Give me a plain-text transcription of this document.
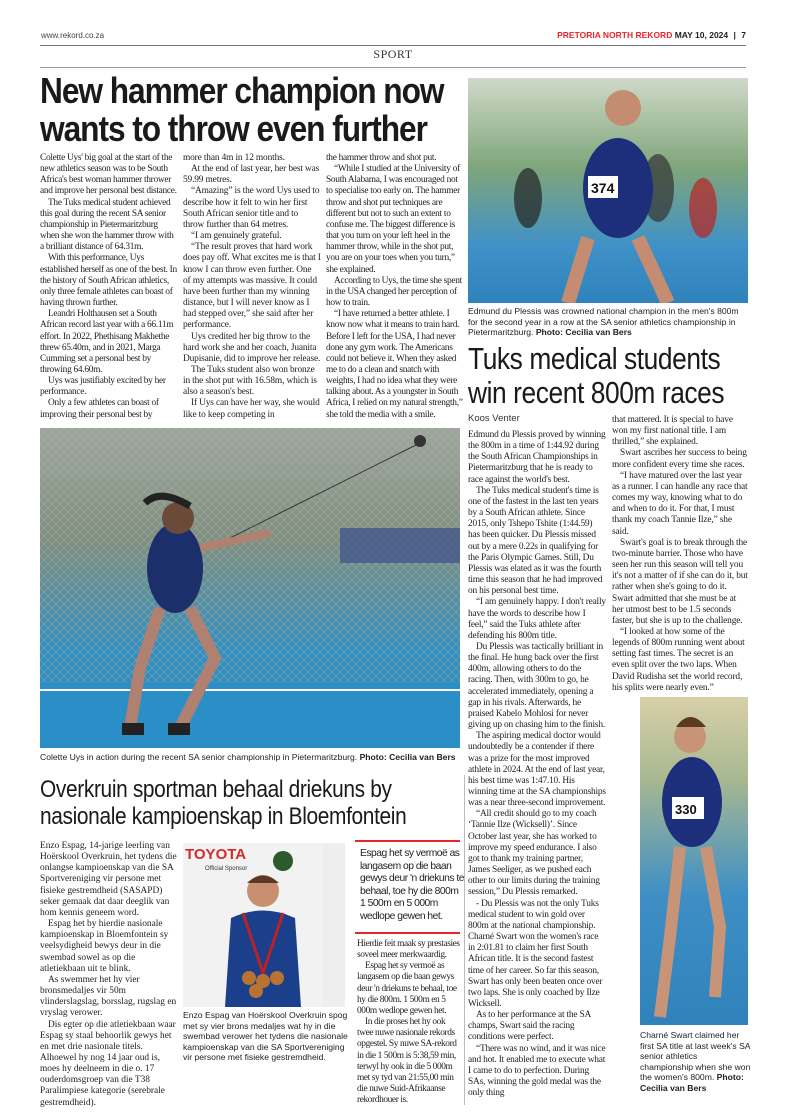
www.rekord.co.za	PRETORIA NORTH REKORD MAY 10, 2024 | 7
SPORT
New hammer champion now wants to throw even further

Colette Uys' big goal at the start of the new athletics season was to be South Africa's best woman hammer thrower and improve her personal best distance.

The Tuks medical student achieved this goal during the recent SA senior championship in Pietermaritzburg when she won the hammer throw with a brilliant distance of 64.31m.

With this performance, Uys established herself as one of the best. In the history of South African athletics, only three female athletes can boast of having thrown further.

Leandri Holthausen set a South African record last year with a 66.11m effort. In 2022, Phethisang Makhethe threw 65.40m, and in 2021, Marga Cumming set a personal best by throwing 64.60m.

Uys was justifiably excited by her performance.

Only a few athletes can boast of improving their personal best by

more than 4m in 12 months.

At the end of last year, her best was 59.99 metres.

“Amazing” is the word Uys used to describe how it felt to win her first South African senior title and to throw further than 64 metres.

“I am genuinely grateful.

“The result proves that hard work does pay off. What excites me is that I know I can throw even further. One of my attempts was massive. It could have been further than my winning distance, but I will never know as I had stepped over,” she said after her performance.

Uys credited her big throw to the hard work she and her coach, Juanita Dupisanie, did to improve her release.

The Tuks student also won bronze in the shot put with 16.58m, which is also a season's best.

If Uys can have her way, she would like to keep competing in

the hammer throw and shot put.

“While I studied at the University of South Alabama, I was encouraged not to specialise too early on. The hammer throw and shot put techniques are different but not to such an extent to confuse me. The biggest difference is that you turn on your left heel in the hammer throw, while in the shot put, you are on your toes when you turn,” she explained.

According to Uys, the time she spent in the USA changed her perception of how to train.

“I have returned a better athlete. I know now what it means to train hard. Before I left for the USA, I had never done any gym work. The Americans could not believe it. When they asked me to do a clean and snatch with weights, I had no idea what they were talking about. As a youngster in South Africa, I relied on my natural strength,” she told the media with a smile.

Colette Uys in action during the recent SA senior championship in Pietermaritzburg. Photo: Cecilia van Bers
374
Edmund du Plessis was crowned national champion in the men's 800m for the second year in a row at the SA senior athletics championship in Pietermaritzburg. Photo: Cecilia van Bers
Tuks medical students win recent 800m races
Koos Venter

Edmund du Plessis proved by winning the 800m in a time of 1:44.92 during the South African Championships in Pietermaritzburg that he is ready to race against the world's best.

The Tuks medical student's time is one of the fastest in the last ten years by a South African athlete. Since 2015, only Tshepo Tshite (1:44.59) has been quicker. Du Plessis missed out by a mere 0.22s in qualifying for the Paris Olympic Games. Still, Du Plessis was elated as it was the fourth time this season that he had improved on his personal best time.

“I am genuinely happy. I don't really have the words to describe how I feel,” said the Tuks athlete after defending his 800m title.

Du Plessis was tactically brilliant in the final. He hung back over the first 400m, allowing others to do the racing. Then, with 300m to go, he accelerated immediately, opening a gap in his rivals. Afterwards, he praised Kabelo Mohlosi for never giving up on chasing him to the finish.

The aspiring medical doctor would undoubtedly be a contender if there was a prize for the most improved athlete in 2024. At the end of last year, his best time was 1:47.10. His winning time at the SA championships was a near three-second improvement.

“All credit should go to my coach ‘Tannie Ilze (Wicksell)’. Since October last year, she has worked to improve my speed endurance. I also got to thank my training partner, James Seeliger, as we pushed each other to our limits during the training session,” Du Plessis remarked.

- Du Plessis was not the only Tuks medical student to win gold over 800m at the national championship. Charné Swart won the women's race in 2:01.81 to claim her first South African title. It is the second fastest time of her career. So far this season, Swart has only been beaten once over two laps. She is only coached by Ilze Wicksell.

As to her performance at the SA champs, Swart said the racing conditions were perfect.

“There was no wind, and it was nice and hot. It enabled me to execute what I came to do to perfection. During SAs, winning the gold medal was the only thing

that mattered. It is special to have won my first national title. I am thrilled,” she explained.

Swart ascribes her success to being more confident every time she races.

“I have matured over the last year as a runner. I can handle any race that comes my way, knowing what to do and when to do it. For that, I must thank my coach Tannie Ilze,” she said.

Swart's goal is to break through the two-minute barrier. Those who have seen her run this season will tell you it's not a matter of if she can do it, but rather when she's going to do it. Swart admitted that she must be at her utmost best to be 1.5 seconds faster, but she is up to the challenge.

“I looked at how some of the legends of 800m running went about setting fast times. The secret is an even split over the two laps. When David Rudisha set the world record, his splits were nearly even.”

330
Charné Swart claimed her first SA title at last week's SA senior athletics championship when she won the women's 800m. Photo: Cecilia van Bers
Overkruin sportman behaal driekuns by nasionale kampioenskap in Bloemfontein

Enzo Espag, 14-jarige leerling van Hoërskool Overkruin, het tydens die onlangse kampioenskap van die SA Sportvereniging vir persone met fisieke gestremdheid (SASAPD) seker gemaak dat daar deeglik van hom kennis geneem word.

Espag het by hierdie nasionale kampioenskap in Bloemfontein sy veelsydigheid bewys deur in die swembad sowel as op die atletiekbaan uit te blink.

As swemmer het hy vier bronsmedaljes vir 50m vlinderslagslag, borsslag, rugslag en vryslag verower.

Dis egter op die atletiekbaan waar Espag sy staal behoorlik gewys het en met drie nasionale titels. Alhoewel hy nog 14 jaar oud is, moes hy deelneem in die o. 17 ouderdomsgroep van die T38 Paralimpiese kategorie (serebrale gestremdheid).

TOYOTA
Official Sponsor
Enzo Espag van Hoërskool Overkruin spog met sy vier brons medaljes wat hy in die swembad verower het tydens die nasionale kampioenskap van die SA Sportvereniging vir persone met fisieke gestremdheid.
Espag het sy vermoë as langasem op die baan gewys deur 'n driekuns te behaal, toe hy die 800m 1 500m en 5 000m wedlope gewen het.

Hierdie feit maak sy prestasies soveel meer merkwaardig.

Espag het sy vermoë as langasem op die baan gewys deur 'n driekuns te behaal, toe hy die 800m. 1 500m en 5 000m wedlope gewen het.

In die proses het hy ook twee nuwe nasionale rekords opgestel. Sy nuwe SA-rekord in die 1 500m is 5:38,59 min, terwyl hy ook in die 5 000m met sy tyd van 21:55,00 min die nuwe Suid-Afrikaanse rekordhouer is.
